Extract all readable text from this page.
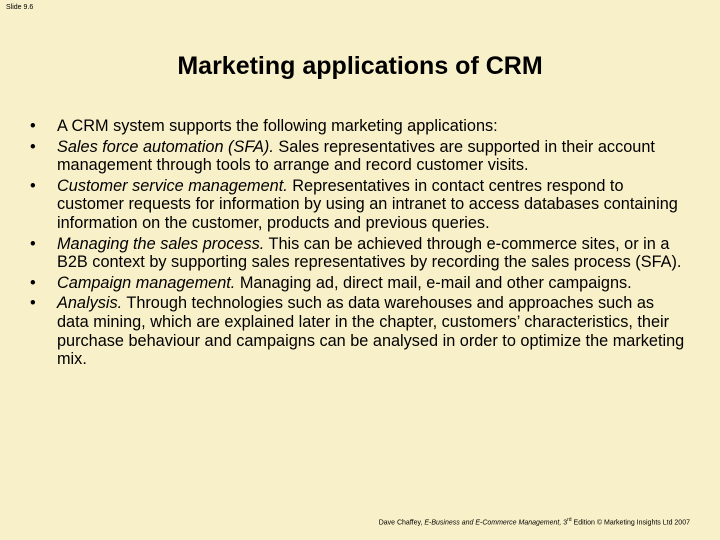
Slide 9.6
Marketing applications of CRM
• A CRM system supports the following marketing applications:
• Sales force automation (SFA). Sales representatives are supported in their account management through tools to arrange and record customer visits.
• Customer service management. Representatives in contact centres respond to customer requests for information by using an intranet to access databases containing information on the customer, products and previous queries.
• Managing the sales process. This can be achieved through e-commerce sites, or in a B2B context by supporting sales representatives by recording the sales process (SFA).
• Campaign management. Managing ad, direct mail, e-mail and other campaigns.
• Analysis. Through technologies such as data warehouses and approaches such as data mining, which are explained later in the chapter, customers’ characteristics, their purchase behaviour and campaigns can be analysed in order to optimize the marketing mix.
Dave Chaffey, E-Business and E-Commerce Management, 3rd Edition © Marketing Insights Ltd 2007
